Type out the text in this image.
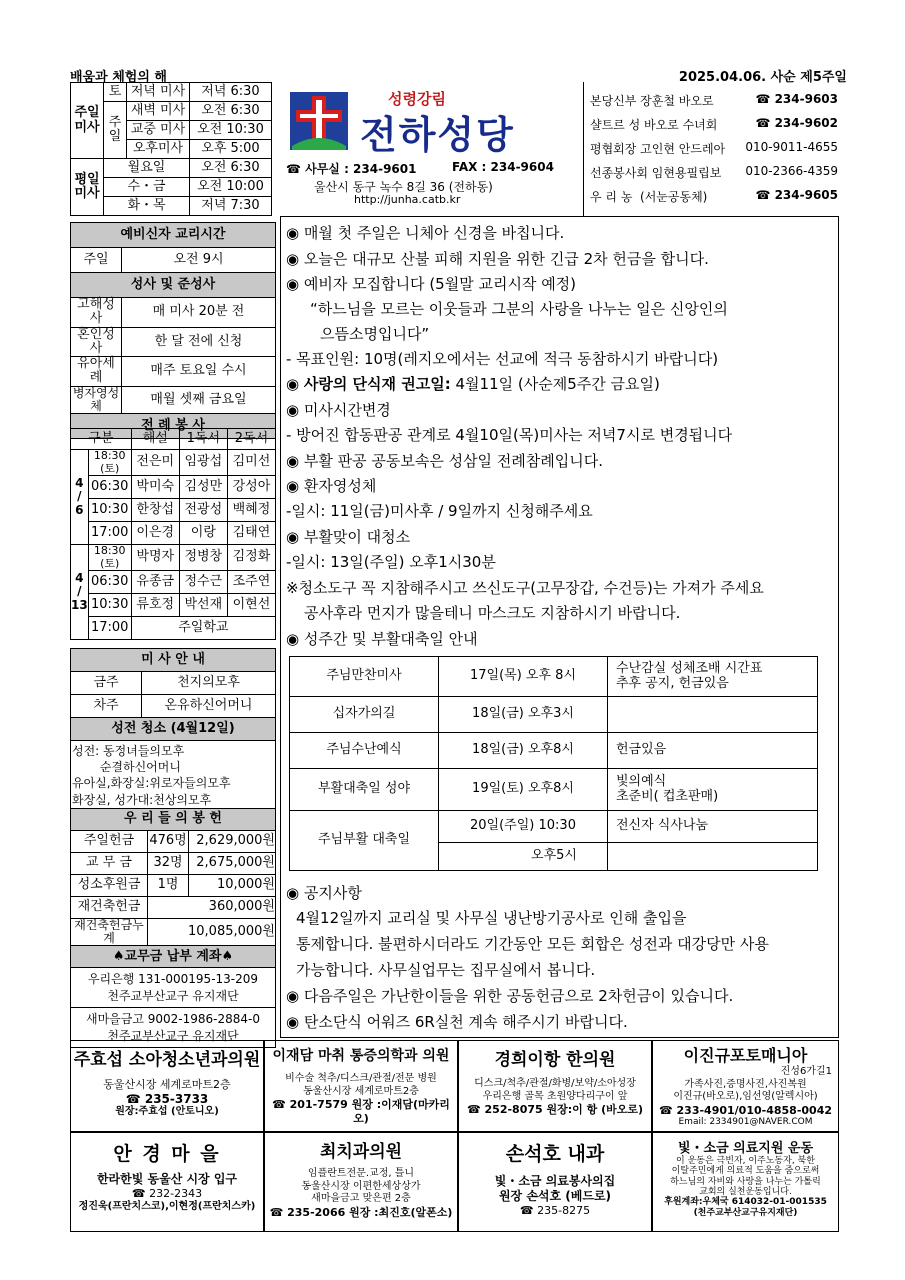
배움과 체험의 해	2025.04.06. 사순 제5주일
주일
미사	토	저녁 미사	저녁 6:30
	주
일	새벽 미사	오전 6:30
		교중 미사	오전 10:30
		오후미사	오후 5:00
평일
미사	월요일		오전 6:30
	수・금		오전 10:00
	화・목		저녁 7:30
성령강림
전하성당
☎ 사무실 : 234-9601	FAX : 234-9604
울산시 동구 녹수 8길 36 (전하동)
http://junha.catb.kr
본당신부 장훈철 바오로	☎ 234-9603
샬트르 성 바오로 수녀회	☎ 234-9602
평협회장 고인현 안드레아 010-9011-4655
선종봉사회 임현용필립보 010-2366-4359
우 리 농  (서눈공동체)	☎ 234-9605
예비신자 교리시간	
주일	오전 9시
성사 및 준성사	
고해성사	매 미사 20분 전
혼인성사	한 달 전에 신청
유아세례	매주 토요일 수시
병자영성체	매월 셋째 금요일
전 례 봉 사	
구분		해설	1독서	2독서
4
/
6	18:30 (토)	전은미	임광섭	김미선
	06:30	박미숙	김성만	강성아
	10:30	한창섭	전광성	백혜정
	17:00	이은경	이랑	김태연
4
/
13	18:30 (토)	박명자	정병창	김정화
	06:30	유종금	정수근	조주연
	10:30	류호정	박선재	이현선
	17:00	주일학교		
미 사 안 내	
금주	천지의모후
차주	온유하신어머니
성전 청소 (4월12일)	

성전: 동정녀들의모후
　　 순결하신어머니
유아실,화장실:위로자들의모후
화장실, 성가대:천상의모후	
우 리 들 의 봉 헌		
주일헌금	476명	2,629,000원
교 무 금	32명	2,675,000원
성소후원금	1명	10,000원
재건축헌금	360,000원	
재건축헌금누계	10,085,000원	
♠교무금 납부 계좌♠		

우리은행 131-000195-13-209
천주교부산교구 유지재단		

새마을금고 9002-1986-2884-0
천주교부산교구 유지재단		
◉ 매월 첫 주일은 니체아 신경을 바칩니다.
◉ 오늘은 대규모 산불 피해 지원을 위한 긴급 2차 헌금을 합니다.
◉ 예비자 모집합니다 (5월말 교리시작 예정)
“하느님을 모르는 이웃들과 그분의 사랑을 나누는 일은 신앙인의
으뜸소명입니다”
- 목표인원: 10명(레지오에서는 선교에 적극 동참하시기 바랍니다)
◉ 사랑의 단식재 권고일: 4월11일 (사순제5주간 금요일)
◉ 미사시간변경
- 방어진 합동판공 관계로 4월10일(목)미사는 저녁7시로 변경됩니다
◉ 부활 판공 공동보속은 성삼일 전례참례입니다.
◉ 환자영성체
-일시: 11일(금)미사후 / 9일까지 신청해주세요
◉ 부활맞이 대청소
-일시: 13일(주일) 오후1시30분
※청소도구 꼭 지참해주시고 쓰신도구(고무장갑, 수건등)는 가져가 주세요
공사후라 먼지가 많을테니 마스크도 지참하시기 바랍니다.
◉ 성주간 및 부활대축일 안내
주님만찬미사	17일(목) 오후 8시	수난감실 성체조배 시간표
추후 공지, 헌금있음
십자가의길	18일(금) 오후3시	
주님수난예식	18일(금) 오후8시	헌금있음
부활대축일 성야	19일(토) 오후8시	빛의예식
초준비( 컵초판매)
주님부활 대축일	20일(주일) 10:30	전신자 식사나눔
	오후5시	
◉ 공지사항
4월12일까지 교리실 및 사무실 냉난방기공사로 인해 출입을
통제합니다. 불편하시더라도 기간동안 모든 회합은 성전과 대강당만 사용
가능합니다. 사무실업무는 집무실에서 봅니다.
◉ 다음주일은 가난한이들을 위한 공동헌금으로 2차헌금이 있습니다.
◉ 탄소단식 어워즈 6R실천 계속 해주시기 바랍니다.
주효섭 소아청소년과의원
동울산시장 세계로마트2층
☎ 235-3733
원장:주효섭 (안토니오)
이재담 마취 통증의학과 의원
비수술 척추/디스크/관절/전문 병원
동울산시장 세계로마트2층
☎ 201-7579 원장 :이재담(마카리오)
경희이항 한의원
디스크/척추/관절/화병/보약/소아성장
우리은행 골목 초원양다리구이 앞
☎ 252-8075 원장:이 항 (바오로)
이진규포토매니아
진성6가길1
가족사진,증명사진,사진복원
이진규(바오로),임선영(알렉시아)
☎ 233-4901/010-4858-0042
Email: 2334901@NAVER.COM
안 경 마 을
한라한빛 동울산 시장 입구
☎ 232-2343
정진욱(프란치스코),이현정(프란치스카)
최치과의원
임플란트전문.교정, 틀니
동울산시장 이편한세상상가
새마을금고 맞은편 2층
☎ 235-2066 원장 :최진호(알폰소)
손석호 내과
빛・소금 의료봉사의집
원장 손석호 (베드로)
☎ 235-8275
빛・소금 의료지원 운동
이 운동은 극빈자, 이주노동자, 북한
이탈주민에게 의료적 도움을 줌으로써
하느님의 자비와 사랑을 나누는 가톨릭
교회의 실천운동입니다.
후원계좌:우체국 614032-01-001535
(천주교부산교구유지재단)
